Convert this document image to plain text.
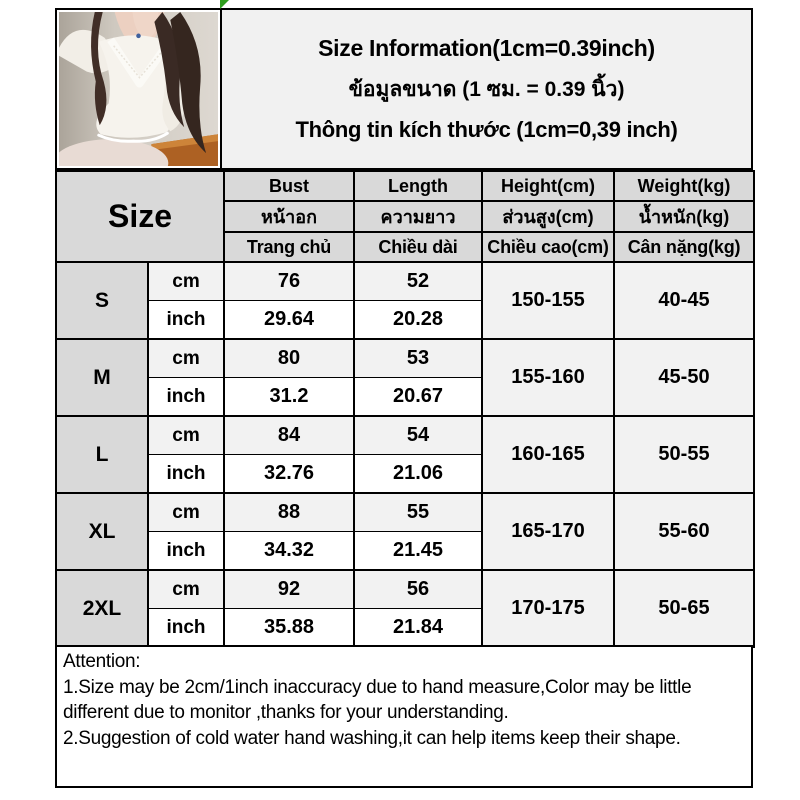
Size Information(1cm=0.39inch)
ข้อมูลขนาด (1 ซม. = 0.39 นิ้ว)
Thông tin kích thước (1cm=0,39 inch)
Size		Bust	Length	Height(cm)	Weight(kg)
		หน้าอก	ความยาว	ส่วนสูง(cm)	น้ำหนัก(kg)
		Trang chủ	Chiều dài	Chiều cao(cm)	Cân nặng(kg)
S	cm	76	52	150-155	40-45
	inch	29.64	20.28		
M	cm	80	53	155-160	45-50
	inch	31.2	20.67		
L	cm	84	54	160-165	50-55
	inch	32.76	21.06		
XL	cm	88	55	165-170	55-60
	inch	34.32	21.45		
2XL	cm	92	56	170-175	50-65
	inch	35.88	21.84		
Attention:
1.Size may be 2cm/1inch inaccuracy due to hand measure,Color may be little different due to monitor ,thanks for your understanding.
2.Suggestion of cold water hand washing,it can help items keep their shape.
